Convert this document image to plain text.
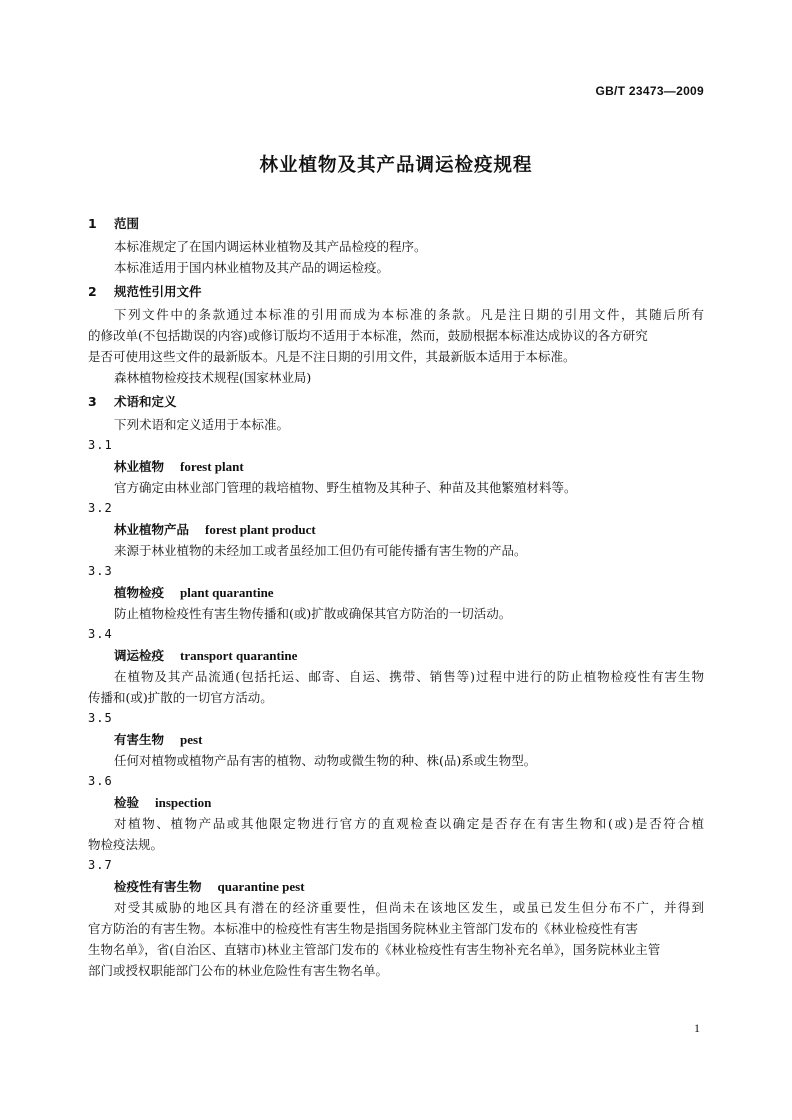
GB/T 23473—2009
林业植物及其产品调运检疫规程
1 范围
本标准规定了在国内调运林业植物及其产品检疫的程序。
本标准适用于国内林业植物及其产品的调运检疫。
2 规范性引用文件
下列文件中的条款通过本标准的引用而成为本标准的条款。凡是注日期的引用文件，其随后所有
的修改单(不包括勘误的内容)或修订版均不适用于本标准，然而，鼓励根据本标准达成协议的各方研究
是否可使用这些文件的最新版本。凡是不注日期的引用文件，其最新版本适用于本标准。
森林植物检疫技术规程(国家林业局)
3 术语和定义
下列术语和定义适用于本标准。
3.1
林业植物 forest plant
官方确定由林业部门管理的栽培植物、野生植物及其种子、种苗及其他繁殖材料等。
3.2
林业植物产品 forest plant product
来源于林业植物的未经加工或者虽经加工但仍有可能传播有害生物的产品。
3.3
植物检疫 plant quarantine
防止植物检疫性有害生物传播和(或)扩散或确保其官方防治的一切活动。
3.4
调运检疫 transport quarantine
在植物及其产品流通(包括托运、邮寄、自运、携带、销售等)过程中进行的防止植物检疫性有害生物
传播和(或)扩散的一切官方活动。
3.5
有害生物 pest
任何对植物或植物产品有害的植物、动物或微生物的种、株(品)系或生物型。
3.6
检验 inspection
对植物、植物产品或其他限定物进行官方的直观检查以确定是否存在有害生物和(或)是否符合植
物检疫法规。
3.7
检疫性有害生物 quarantine pest
对受其威胁的地区具有潜在的经济重要性，但尚未在该地区发生，或虽已发生但分布不广，并得到
官方防治的有害生物。本标准中的检疫性有害生物是指国务院林业主管部门发布的《林业检疫性有害
生物名单》，省(自治区、直辖市)林业主管部门发布的《林业检疫性有害生物补充名单》，国务院林业主管
部门或授权职能部门公布的林业危险性有害生物名单。
1
